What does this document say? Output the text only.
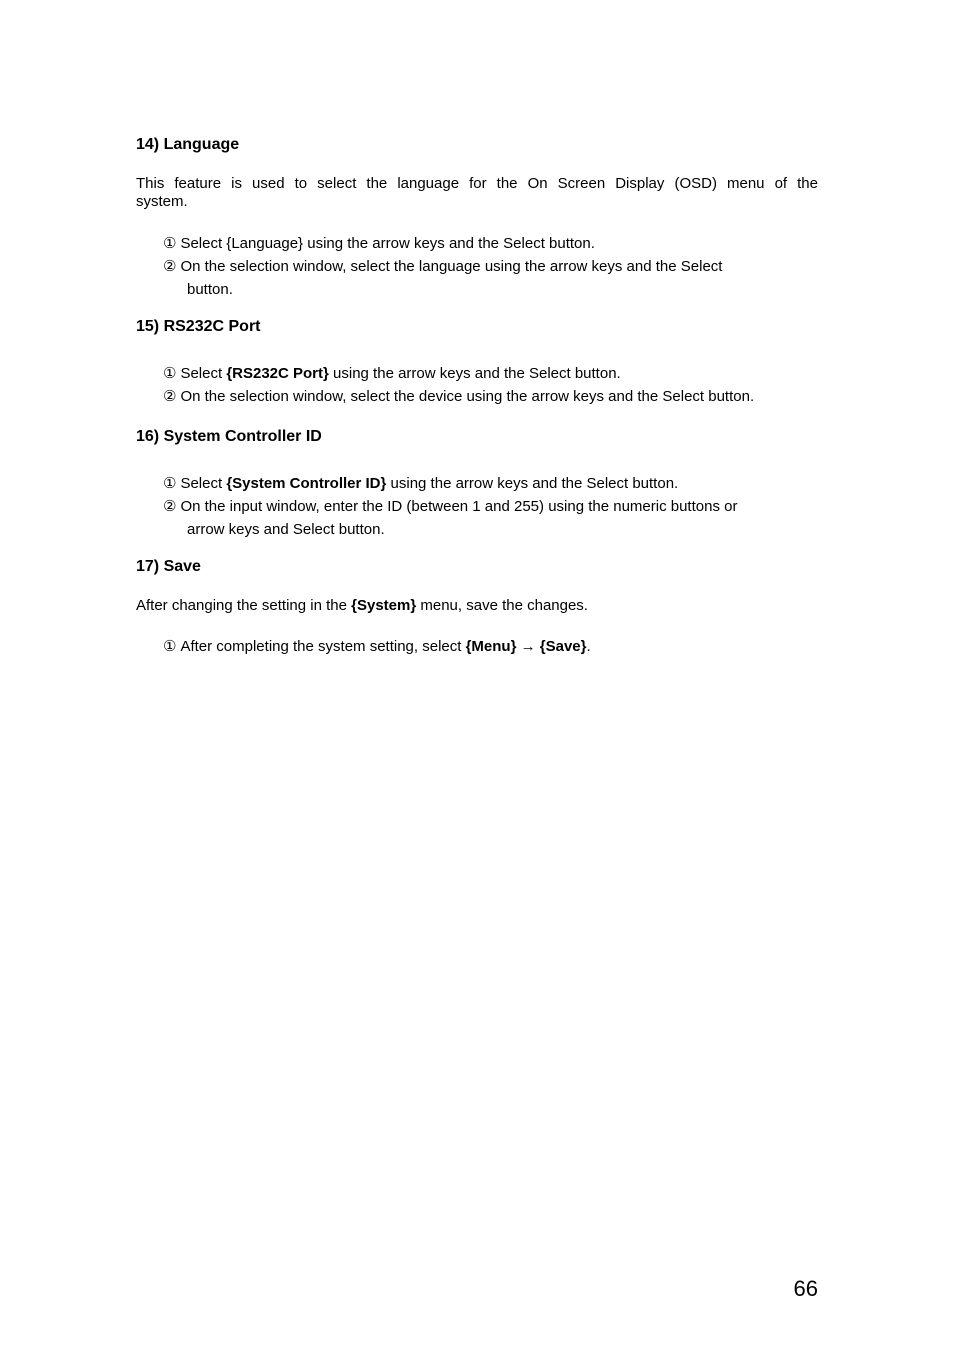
14) Language
This feature is used to select the language for the On Screen Display (OSD) menu of the
system.
① Select {Language} using the arrow keys and the Select button.
② On the selection window, select the language using the arrow keys and the Select
button.
15) RS232C Port
① Select {RS232C Port} using the arrow keys and the Select button.
② On the selection window, select the device using the arrow keys and the Select button.
16) System Controller ID
① Select {System Controller ID} using the arrow keys and the Select button.
② On the input window, enter the ID (between 1 and 255) using the numeric buttons or
arrow keys and Select button.
17) Save
After changing the setting in the {System} menu, save the changes.
① After completing the system setting, select {Menu} → {Save}.
66
